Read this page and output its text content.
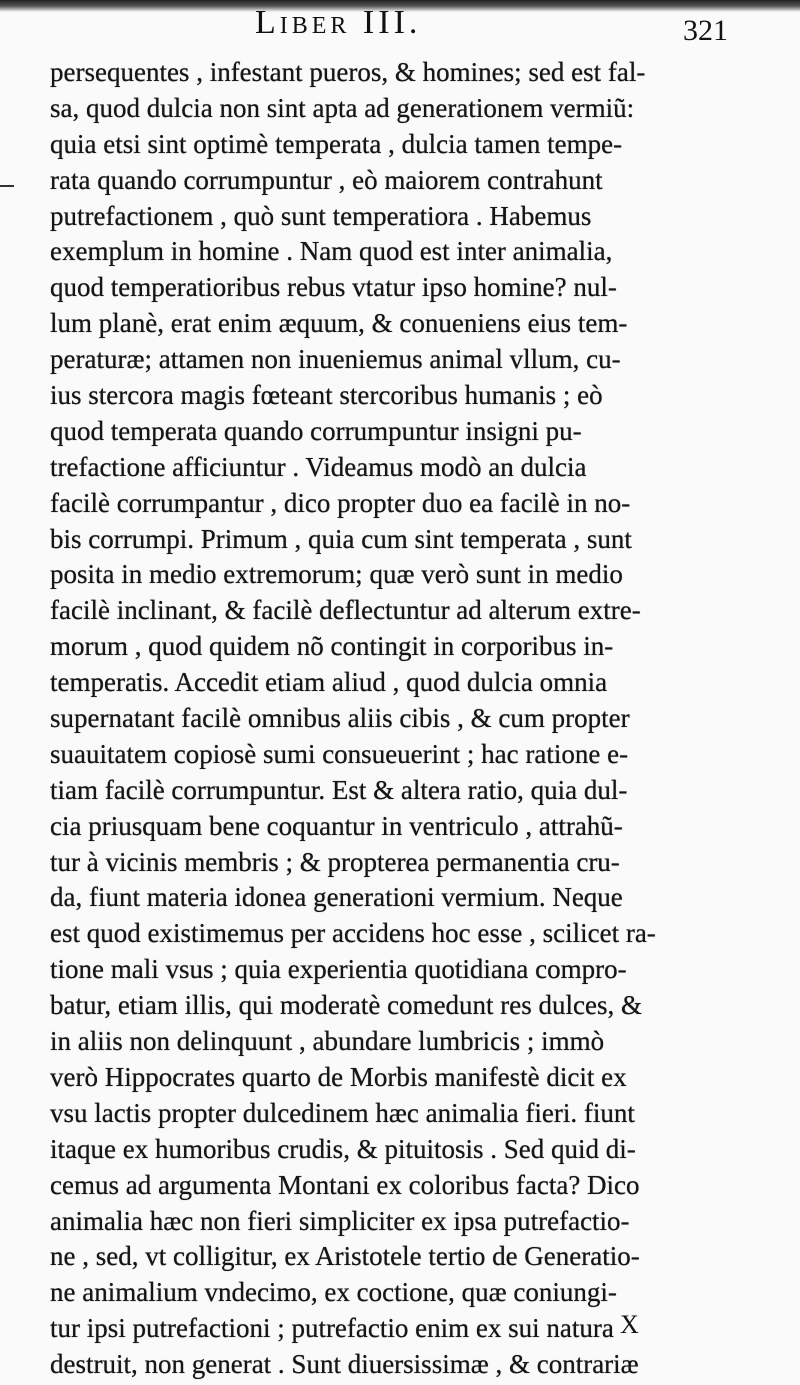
Liber III.	321
persequentes , infestant pueros, & homines; sed est fal-
sa, quod dulcia non sint apta ad generationem vermiũ:
quia etsi sint optimè temperata , dulcia tamen tempe-
rata quando corrumpuntur , eò maiorem contrahunt
putrefactionem , quò sunt temperatiora . Habemus
exemplum in homine . Nam quod est inter animalia,
quod temperatioribus rebus vtatur ipso homine? nul-
lum planè, erat enim æquum, & conueniens eius tem-
peraturæ; attamen non inueniemus animal vllum, cu-
ius stercora magis fœteant stercoribus humanis ; eò
quod temperata quando corrumpuntur insigni pu-
trefactione afficiuntur . Videamus modò an dulcia
facilè corrumpantur , dico propter duo ea facilè in no-
bis corrumpi. Primum , quia cum sint temperata , sunt
posita in medio extremorum; quæ verò sunt in medio
facilè inclinant, & facilè deflectuntur ad alterum extre-
morum , quod quidem nõ contingit in corporibus in-
temperatis. Accedit etiam aliud , quod dulcia omnia
supernatant facilè omnibus aliis cibis , & cum propter
suauitatem copiosè sumi consueuerint ; hac ratione e-
tiam facilè corrumpuntur. Est & altera ratio, quia dul-
cia priusquam bene coquantur in ventriculo , attrahũ-
tur à vicinis membris ; & propterea permanentia cru-
da, fiunt materia idonea generationi vermium. Neque
est quod existimemus per accidens hoc esse , scilicet ra-
tione mali vsus ; quia experientia quotidiana compro-
batur, etiam illis, qui moderatè comedunt res dulces, &
in aliis non delinquunt , abundare lumbricis ; immò
verò Hippocrates quarto de Morbis manifestè dicit ex
vsu lactis propter dulcedinem hæc animalia fieri. fiunt
itaque ex humoribus crudis, & pituitosis . Sed quid di-
cemus ad argumenta Montani ex coloribus facta? Dico
animalia hæc non fieri simpliciter ex ipsa putrefactio-
ne , sed, vt colligitur, ex Aristotele tertio de Generatio-
ne animalium vndecimo, ex coctione, quæ coniungi-
tur ipsi putrefactioni ; putrefactio enim ex sui natura
destruit, non generat . Sunt diuersissimæ , & contrariæ
X
